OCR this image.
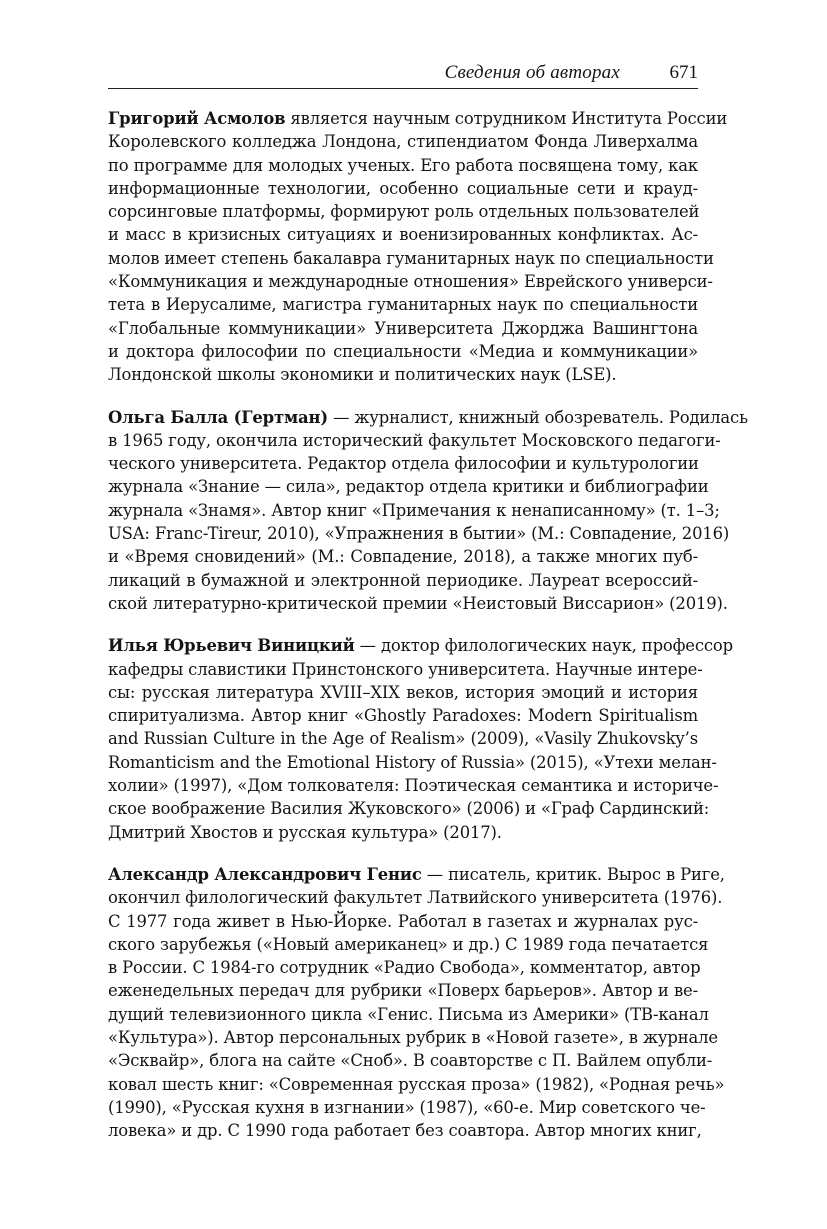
Сведения об авторах	671
Григорий Асмолов является научным сотрудником Института России
Королевского колледжа Лондона, стипендиатом Фонда Ливерхалма
по программе для молодых ученых. Его работа посвящена тому, как
информационные технологии, особенно социальные сети и крауд-
сорсинговые платформы, формируют роль отдельных пользователей
и масс в кризисных ситуациях и военизированных конфликтах. Ас-
молов имеет степень бакалавра гуманитарных наук по специальности
«Коммуникация и международные отношения» Еврейского универси-
тета в Иерусалиме, магистра гуманитарных наук по специальности
«Глобальные коммуникации» Университета Джорджа Вашингтона
и доктора философии по специальности «Медиа и коммуникации»
Лондонской школы экономики и политических наук (LSE).
Ольга Балла (Гертман) — журналист, книжный обозреватель. Родилась
в 1965 году, окончила исторический факультет Московского педагоги-
ческого университета. Редактор отдела философии и культурологии
журнала «Знание — сила», редактор отдела критики и библиографии
журнала «Знамя». Автор книг «Примечания к ненаписанному» (т. 1–3;
USA: Franc-Tireur, 2010), «Упражнения в бытии» (М.: Совпадение, 2016)
и «Время сновидений» (М.: Совпадение, 2018), а также многих пуб-
ликаций в бумажной и электронной периодике. Лауреат всероссий-
ской литературно-критической премии «Неистовый Виссарион» (2019).
Илья Юрьевич Виницкий — доктор филологических наук, профессор
кафедры славистики Принстонского университета. Научные интере-
сы: русская литература XVIII–XIX веков, история эмоций и история
спиритуализма. Автор книг «Ghostly Paradoxes: Modern Spiritualism
and Russian Culture in the Age of Realism» (2009), «Vasily Zhukovsky’s
Romanticism and the Emotional History of Russia» (2015), «Утехи мелан-
холии» (1997), «Дом толкователя: Поэтическая семантика и историче-
ское воображение Василия Жуковского» (2006) и «Граф Сардинский:
Дмитрий Хвостов и русская культура» (2017).
Александр Александрович Генис — писатель, критик. Вырос в Риге,
окончил филологический факультет Латвийского университета (1976).
С 1977 года живет в Нью-Йорке. Работал в газетах и журналах рус-
ского зарубежья («Новый американец» и др.) С 1989 года печатается
в России. С 1984-го сотрудник «Радио Свобода», комментатор, автор
еженедельных передач для рубрики «Поверх барьеров». Автор и ве-
дущий телевизионного цикла «Генис. Письма из Америки» (ТВ-канал
«Культура»). Автор персональных рубрик в «Новой газете», в журнале
«Эсквайр», блога на сайте «Сноб». В соавторстве с П. Вайлем опубли-
ковал шесть книг: «Современная русская проза» (1982), «Родная речь»
(1990), «Русская кухня в изгнании» (1987), «60-е. Мир советского че-
ловека» и др. С 1990 года работает без соавтора. Автор многих книг,
